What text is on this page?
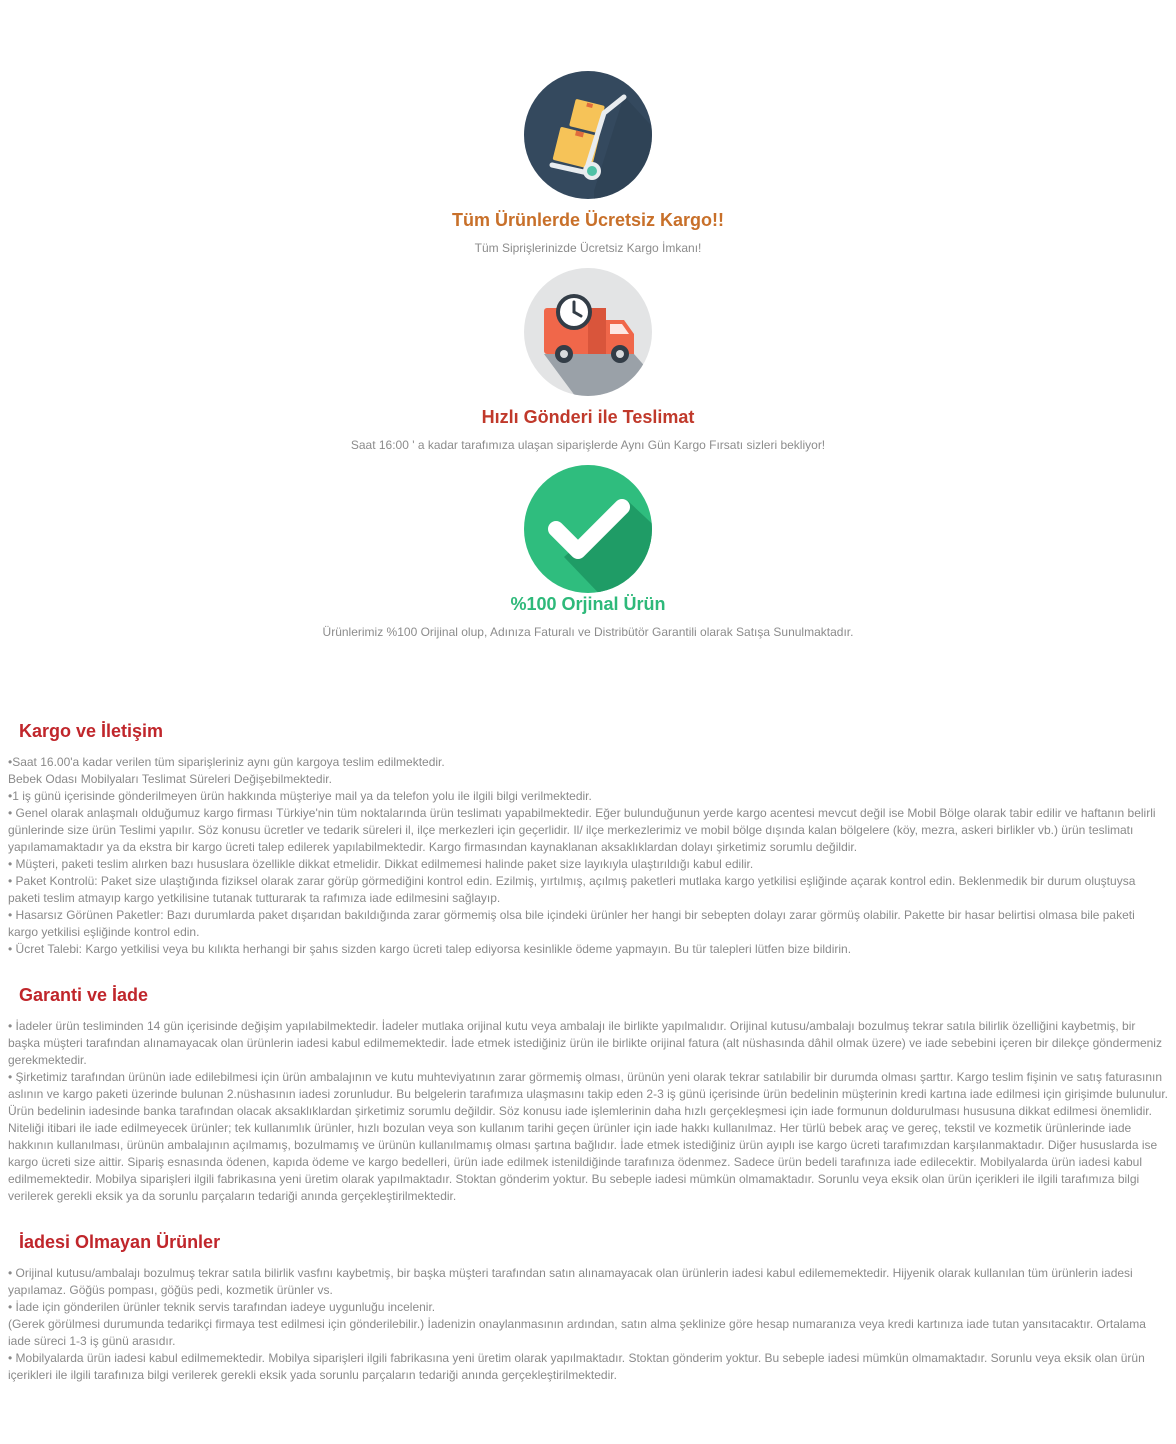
Tüm Ürünlerde Ücretsiz Kargo!!

Tüm Siprişlerinizde Ücretsiz Kargo İmkanı!

Hızlı Gönderi ile Teslimat

Saat 16:00 ' a kadar tarafımıza ulaşan siparişlerde Aynı Gün Kargo Fırsatı sizleri bekliyor!

%100 Orjinal Ürün

Ürünlerimiz %100 Orijinal olup, Adınıza Faturalı ve Distribütör Garantili olarak Satışa Sunulmaktadır.

Kargo ve İletişim
•Saat 16.00'a kadar verilen tüm siparişleriniz aynı gün kargoya teslim edilmektedir.
Bebek Odası Mobilyaları Teslimat Süreleri Değişebilmektedir.
•1 iş günü içerisinde gönderilmeyen ürün hakkında müşteriye mail ya da telefon yolu ile ilgili bilgi verilmektedir.
• Genel olarak anlaşmalı olduğumuz kargo firması Türkiye'nin tüm noktalarında ürün teslimatı yapabilmektedir. Eğer bulunduğunun yerde kargo acentesi mevcut değil ise Mobil Bölge olarak tabir edilir ve haftanın belirli günlerinde size ürün Teslimi yapılır. Söz konusu ücretler ve tedarik süreleri il, ilçe merkezleri için geçerlidir. Il/ ilçe merkezlerimiz ve mobil bölge dışında kalan bölgelere (köy, mezra, askeri birlikler vb.) ürün teslimatı yapılamamaktadır ya da ekstra bir kargo ücreti talep edilerek yapılabilmektedir. Kargo firmasından kaynaklanan aksaklıklardan dolayı şirketimiz sorumlu değildir.
• Müşteri, paketi teslim alırken bazı hususlara özellikle dikkat etmelidir. Dikkat edilmemesi halinde paket size layıkıyla ulaştırıldığı kabul edilir.
• Paket Kontrolü: Paket size ulaştığında fiziksel olarak zarar görüp görmediğini kontrol edin. Ezilmiş, yırtılmış, açılmış paketleri mutlaka kargo yetkilisi eşliğinde açarak kontrol edin. Beklenmedik bir durum oluştuysa paketi teslim atmayıp kargo yetkilisine tutanak tutturarak ta rafımıza iade edilmesini sağlayıp.
• Hasarsız Görünen Paketler: Bazı durumlarda paket dışarıdan bakıldığında zarar görmemiş olsa bile içindeki ürünler her hangi bir sebepten dolayı zarar görmüş olabilir. Pakette bir hasar belirtisi olmasa bile paketi kargo yetkilisi eşliğinde kontrol edin.
• Ücret Talebi: Kargo yetkilisi veya bu kılıkta herhangi bir şahıs sizden kargo ücreti talep ediyorsa kesinlikle ödeme yapmayın. Bu tür talepleri lütfen bize bildirin.
Garanti ve İade
• İadeler ürün tesliminden 14 gün içerisinde değişim yapılabilmektedir. İadeler mutlaka orijinal kutu veya ambalajı ile birlikte yapılmalıdır. Orijinal kutusu/ambalajı bozulmuş tekrar satıla bilirlik özelliğini kaybetmiş, bir başka müşteri tarafından alınamayacak olan ürünlerin iadesi kabul edilmemektedir. İade etmek istediğiniz ürün ile birlikte orijinal fatura (alt nüshasında dâhil olmak üzere) ve iade sebebini içeren bir dilekçe göndermeniz gerekmektedir.
• Şirketimiz tarafından ürünün iade edilebilmesi için ürün ambalajının ve kutu muhteviyatının zarar görmemiş olması, ürünün yeni olarak tekrar satılabilir bir durumda olması şarttır. Kargo teslim fişinin ve satış faturasının aslının ve kargo paketi üzerinde bulunan 2.nüshasının iadesi zorunludur. Bu belgelerin tarafımıza ulaşmasını takip eden 2-3 iş günü içerisinde ürün bedelinin müşterinin kredi kartına iade edilmesi için girişimde bulunulur. Ürün bedelinin iadesinde banka tarafından olacak aksaklıklardan şirketimiz sorumlu değildir. Söz konusu iade işlemlerinin daha hızlı gerçekleşmesi için iade formunun doldurulması hususuna dikkat edilmesi önemlidir. Niteliği itibari ile iade edilmeyecek ürünler; tek kullanımlık ürünler, hızlı bozulan veya son kullanım tarihi geçen ürünler için iade hakkı kullanılmaz. Her türlü bebek araç ve gereç, tekstil ve kozmetik ürünlerinde iade hakkının kullanılması, ürünün ambalajının açılmamış, bozulmamış ve ürünün kullanılmamış olması şartına bağlıdır. İade etmek istediğiniz ürün ayıplı ise kargo ücreti tarafımızdan karşılanmaktadır. Diğer hususlarda ise kargo ücreti size aittir. Sipariş esnasında ödenen, kapıda ödeme ve kargo bedelleri, ürün iade edilmek istenildiğinde tarafınıza ödenmez. Sadece ürün bedeli tarafınıza iade edilecektir. Mobilyalarda ürün iadesi kabul edilmemektedir. Mobilya siparişleri ilgili fabrikasına yeni üretim olarak yapılmaktadır. Stoktan gönderim yoktur. Bu sebeple iadesi mümkün olmamaktadır. Sorunlu veya eksik olan ürün içerikleri ile ilgili tarafımıza bilgi verilerek gerekli eksik ya da sorunlu parçaların tedariği anında gerçekleştirilmektedir.
İadesi Olmayan Ürünler
• Orijinal kutusu/ambalajı bozulmuş tekrar satıla bilirlik vasfını kaybetmiş, bir başka müşteri tarafından satın alınamayacak olan ürünlerin iadesi kabul edilememektedir. Hijyenik olarak kullanılan tüm ürünlerin iadesi yapılamaz. Göğüs pompası, göğüs pedi, kozmetik ürünler vs.
• İade için gönderilen ürünler teknik servis tarafından iadeye uygunluğu incelenir.
(Gerek görülmesi durumunda tedarikçi firmaya test edilmesi için gönderilebilir.) İadenizin onaylanmasının ardından, satın alma şeklinize göre hesap numaranıza veya kredi kartınıza iade tutan yansıtacaktır. Ortalama iade süreci 1-3 iş günü arasıdır.
• Mobilyalarda ürün iadesi kabul edilmemektedir. Mobilya siparişleri ilgili fabrikasına yeni üretim olarak yapılmaktadır. Stoktan gönderim yoktur. Bu sebeple iadesi mümkün olmamaktadır. Sorunlu veya eksik olan ürün içerikleri ile ilgili tarafınıza bilgi verilerek gerekli eksik yada sorunlu parçaların tedariği anında gerçekleştirilmektedir.
